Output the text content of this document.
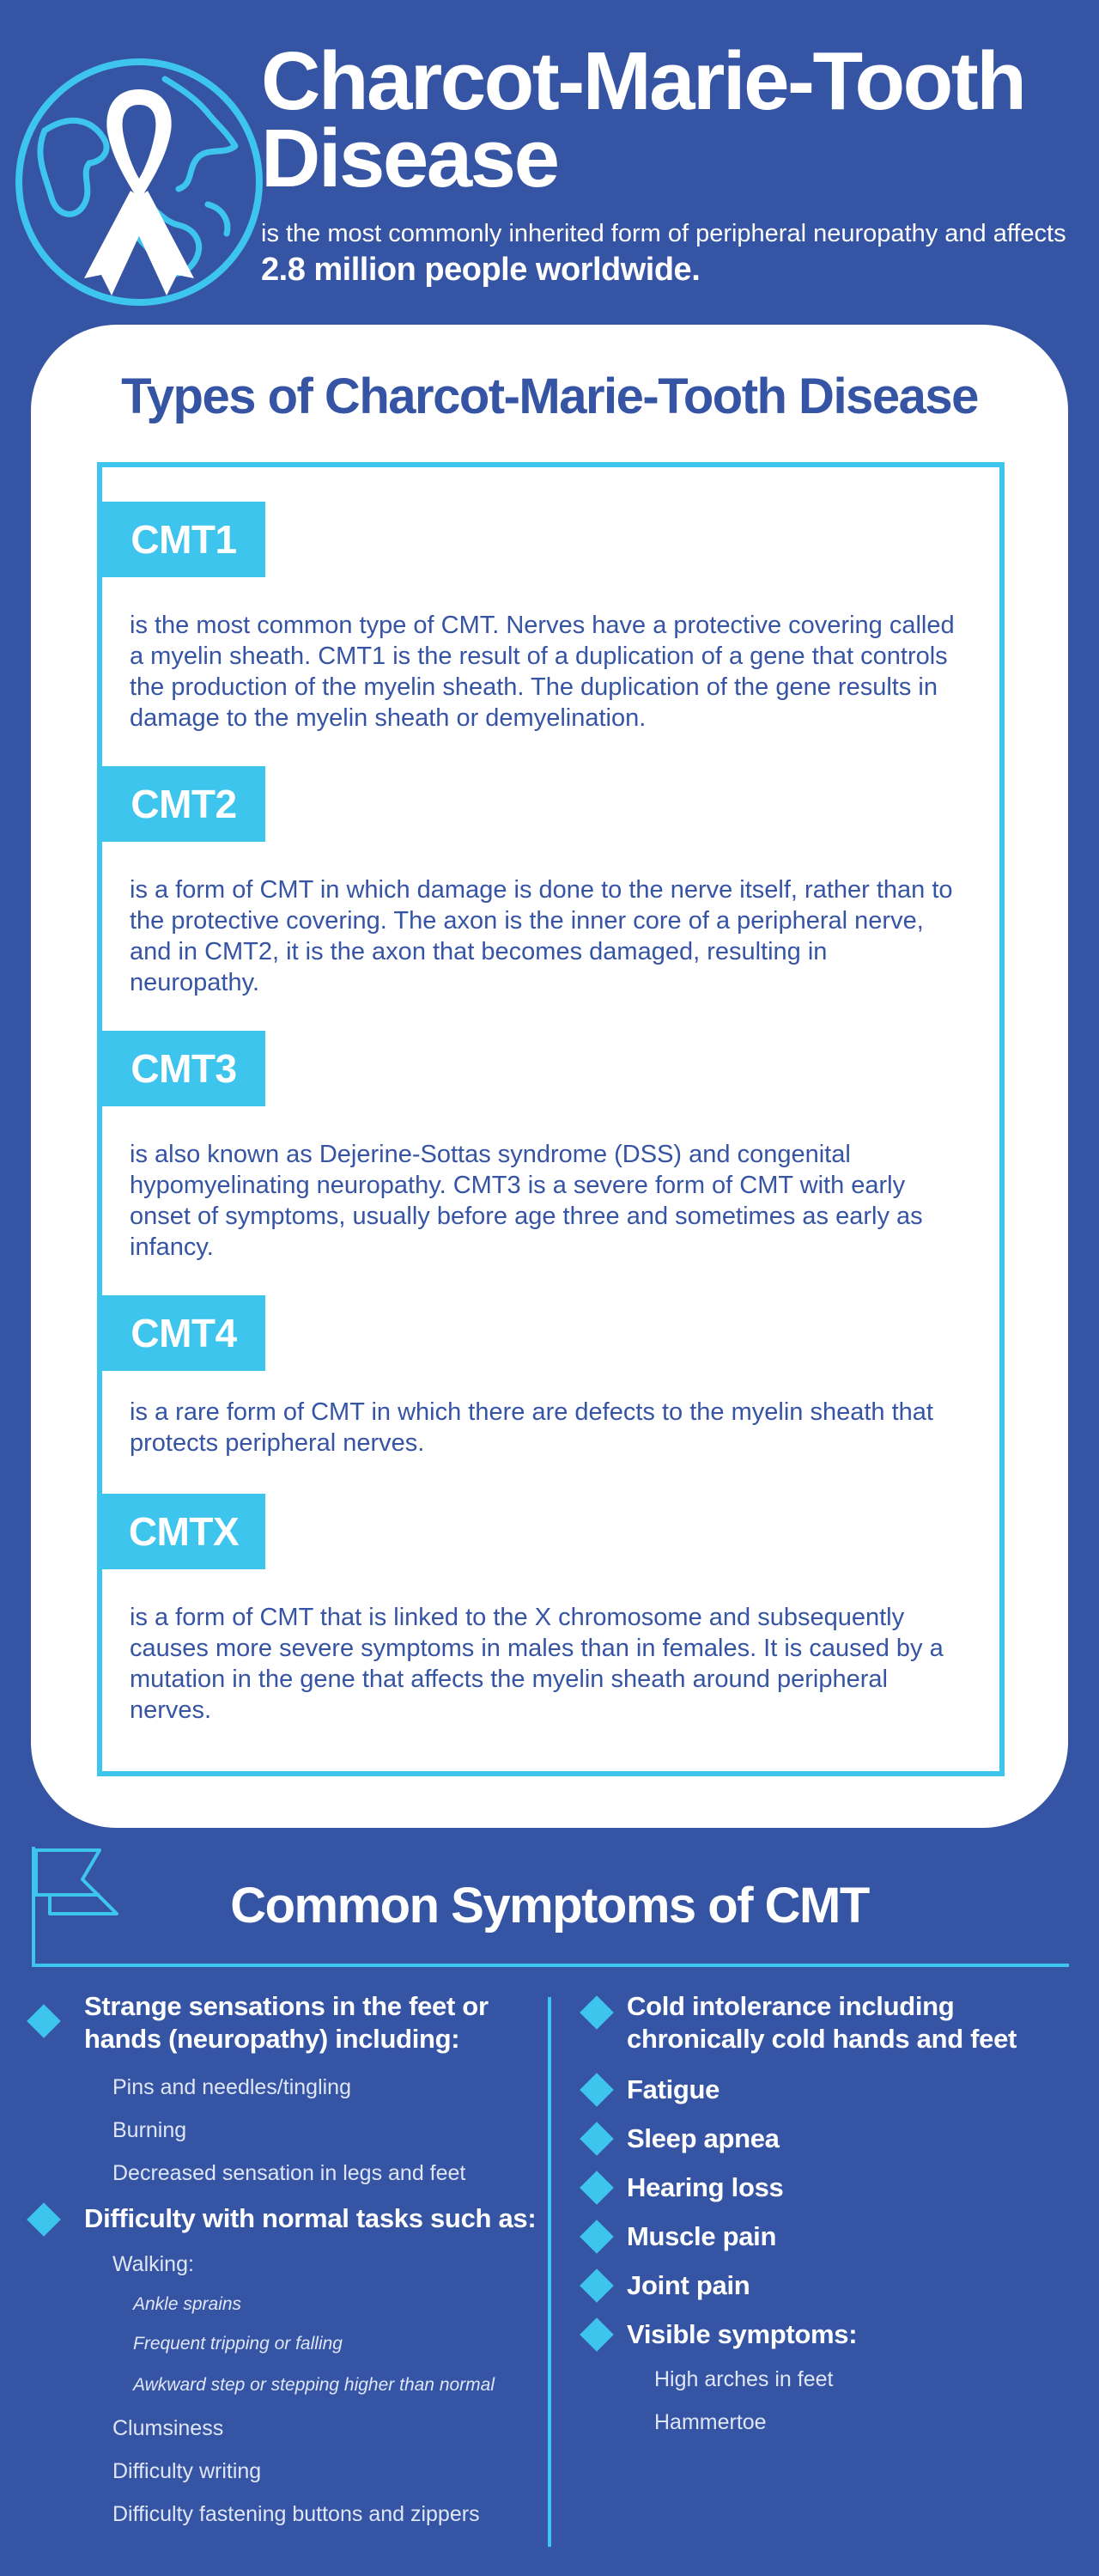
Charcot-Marie-Tooth
Disease
is the most commonly inherited form of peripheral neuropathy and affects
2.8 million people worldwide.
Types of Charcot-Marie-Tooth Disease
CMT1
is the most common type of CMT. Nerves have a protective covering called a myelin sheath. CMT1 is the result of a duplication of a gene that controls the production of the myelin sheath. The duplication of the gene results in damage to the myelin sheath or demyelination.
CMT2
is a form of CMT in which damage is done to the nerve itself, rather than to the protective covering. The axon is the inner core of a peripheral nerve, and in CMT2, it is the axon that becomes damaged, resulting in neuropathy.
CMT3
is also known as Dejerine-Sottas syndrome (DSS) and congenital hypomyelinating neuropathy. CMT3 is a severe form of CMT with early onset of symptoms, usually before age three and sometimes as early as infancy.
CMT4
is a rare form of CMT in which there are defects to the myelin sheath that protects peripheral nerves.
CMTX
is a form of CMT that is linked to the X chromosome and subsequently causes more severe symptoms in males than in females. It is caused by a mutation in the gene that affects the myelin sheath around peripheral nerves.
Common Symptoms of CMT
Strange sensations in the feet or hands (neuropathy) including:
Pins and needles/tingling
Burning
Decreased sensation in legs and feet
Difficulty with normal tasks such as:
Walking:
Ankle sprains
Frequent tripping or falling
Awkward step or stepping higher than normal
Clumsiness
Difficulty writing
Difficulty fastening buttons and zippers
Cold intolerance including chronically cold hands and feet
Fatigue
Sleep apnea
Hearing loss
Muscle pain
Joint pain
Visible symptoms:
High arches in feet
Hammertoe
